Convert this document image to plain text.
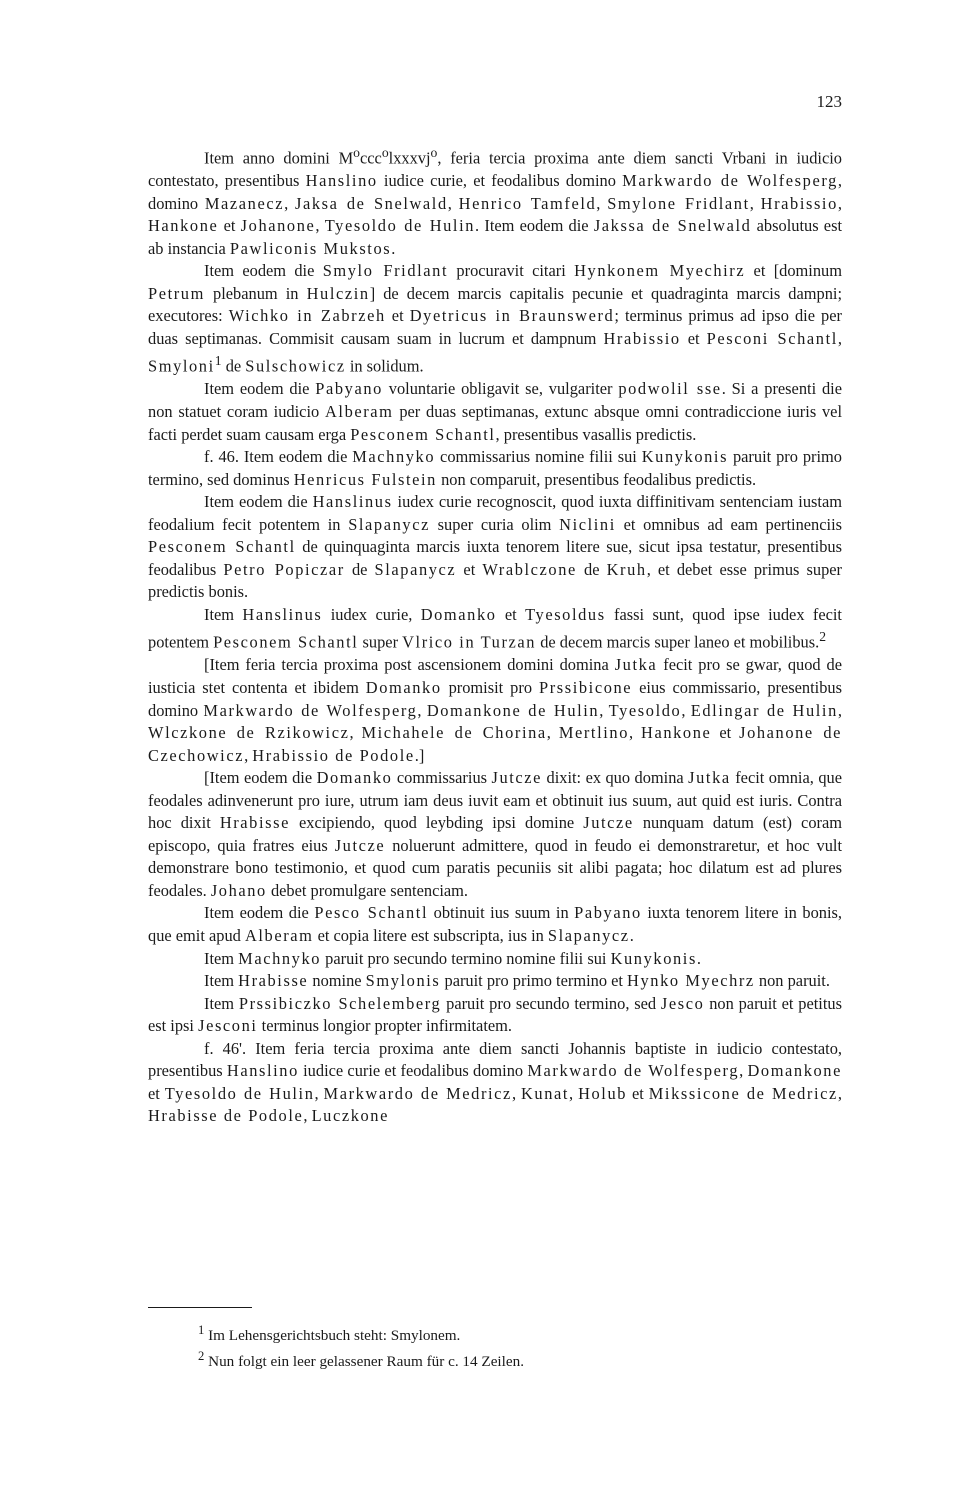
123

Item anno domini $M^occc^olxxxvj^o$, feria tercia proxima ante diem sancti Vrbani in iudicio contestato, presentibus Hanslino iudice curie, et feodalibus domino Markwardo de Wolfesperg, domino Mazanecz, Jaksa de Snelwald, Henrico Tamfeld, Smylone Fridlant, Hrabissio, Hankone et Johanone, Tyesoldo de Hulin. Item eodem die Jakssa de Snelwald absolutus est ab instancia Pawliconis Mukstos.

Item eodem die Smylo Fridlant procuravit citari Hynkonem Myechirz et [dominum Petrum plebanum in Hulczin] de decem marcis capitalis pecunie et quadraginta marcis dampni; executores: Wichko in Zabrzeh et Dyetricus in Braunswerd; terminus primus ad ipso die per duas septimanas. Commisit causam suam in lucrum et dampnum Hrabissio et Pesconi Schantl, Smyloni$^1$ de Sulschowicz in solidum.

Item eodem die Pabyano voluntarie obligavit se, vulgariter podwolil sse. Si a presenti die non statuet coram iudicio Alberam per duas septimanas, extunc absque omni contradiccione iuris vel facti perdet suam causam erga Pesconem Schantl, presentibus vasallis predictis.

f. 46. Item eodem die Machnyko commissarius nomine filii sui Kunykonis paruit pro primo termino, sed dominus Henricus Fulstein non comparuit, presentibus feodalibus predictis.

Item eodem die Hanslinus iudex curie recognoscit, quod iuxta diffinitivam sentenciam iustam feodalium fecit potentem in Slapanycz super curia olim Niclini et omnibus ad eam pertinenciis Pesconem Schantl de quinquaginta marcis iuxta tenorem litere sue, sicut ipsa testatur, presentibus feodalibus Petro Popiczar de Slapanycz et Wrablczone de Kruh, et debet esse primus super predictis bonis.

Item Hanslinus iudex curie, Domanko et Tyesoldus fassi sunt, quod ipse iudex fecit potentem Pesconem Schantl super Vlrico in Turzan de decem marcis super laneo et mobilibus.$^2$

[Item feria tercia proxima post ascensionem domini domina Jutka fecit pro se gwar, quod de iusticia stet contenta et ibidem Domanko promisit pro Prssibicone eius commissario, presentibus domino Markwardo de Wolfesperg, Domankone de Hulin, Tyesoldo, Edlingar de Hulin, Wlczkone de Rzikowicz, Michahele de Chorina, Mertlino, Hankone et Johanone de Czechowicz, Hrabissio de Podole.]

[Item eodem die Domanko commissarius Jutcze dixit: ex quo domina Jutka fecit omnia, que feodales adinvenerunt pro iure, utrum iam deus iuvit eam et obtinuit ius suum, aut quid est iuris. Contra hoc dixit Hrabisse excipiendo, quod leybding ipsi domine Jutcze nunquam datum (est) coram episcopo, quia fratres eius Jutcze noluerunt admittere, quod in feudo ei demonstraretur, et hoc vult demonstrare bono testimonio, et quod cum paratis pecuniis sit alibi pagata; hoc dilatum est ad plures feodales. Johano debet promulgare sentenciam.

Item eodem die Pesco Schantl obtinuit ius suum in Pabyano iuxta tenorem litere in bonis, que emit apud Alberam et copia litere est subscripta, ius in Slapanycz.

Item Machnyko paruit pro secundo termino nomine filii sui Kunykonis.

Item Hrabisse nomine Smylonis paruit pro primo termino et Hynko Myechrz non paruit.

Item Prssibiczko Schelemberg paruit pro secundo termino, sed Jesco non paruit et petitus est ipsi Jesconi terminus longior propter infirmitatem.

f. 46'. Item feria tercia proxima ante diem sancti Johannis baptiste in iudicio contestato, presentibus Hanslino iudice curie et feodalibus domino Markwardo de Wolfesperg, Domankone et Tyesoldo de Hulin, Markwardo de Medricz, Kunat, Holub et Mikssicone de Medricz, Hrabisse de Podole, Luczkone

$^1$ Im Lehensgerichtsbuch steht: Smylonem.

$^2$ Nun folgt ein leer gelassener Raum für c. 14 Zeilen.
